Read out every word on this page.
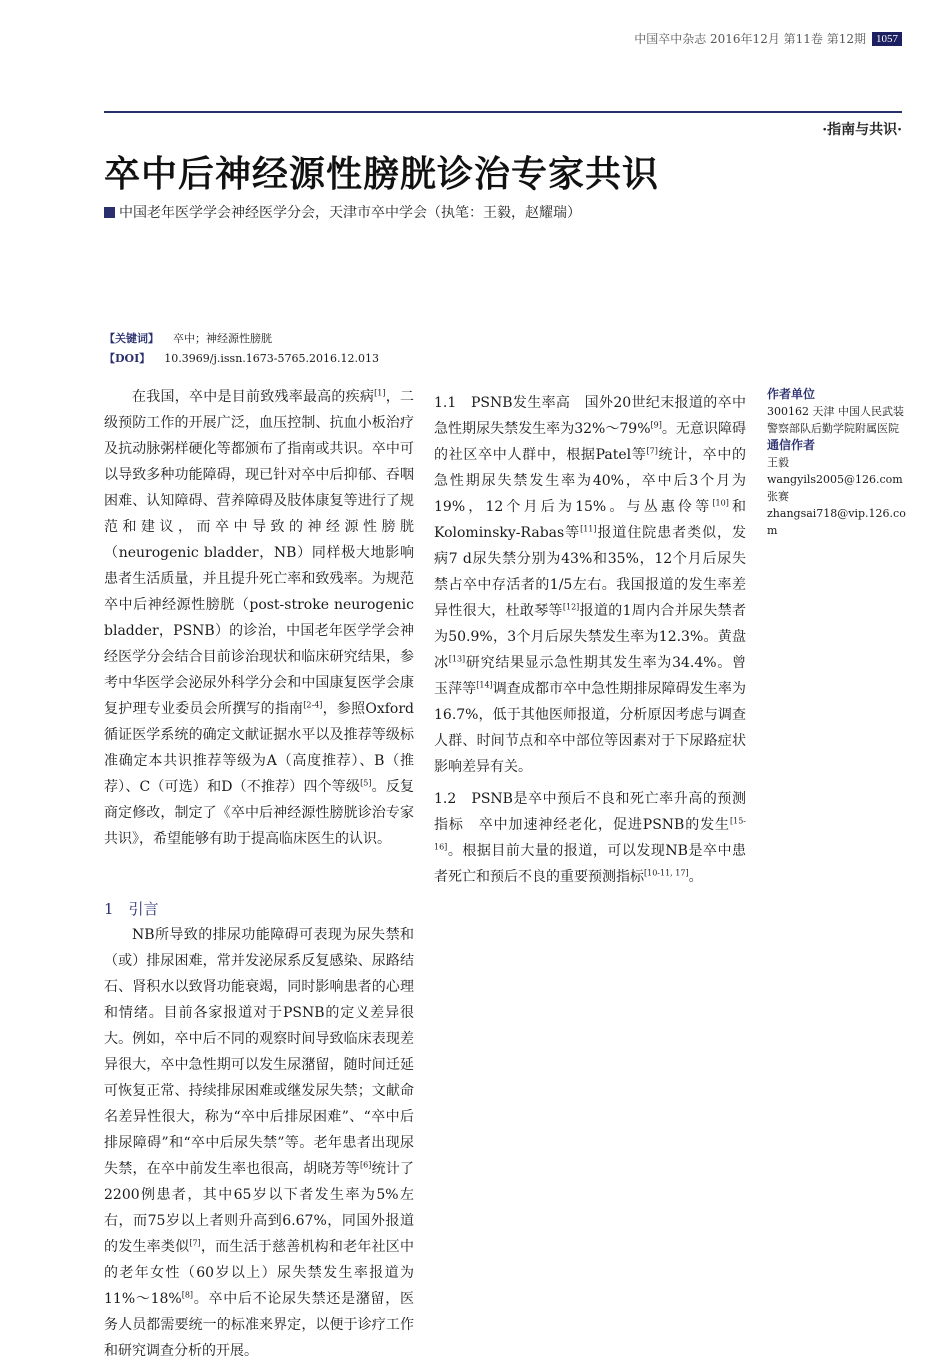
中国卒中杂志 2016年12月 第11卷 第12期 1057
·指南与共识·
卒中后神经源性膀胱诊治专家共识
中国老年医学学会神经医学分会，天津市卒中学会（执笔：王毅，赵耀瑞）
【关键词】 卒中；神经源性膀胱
【DOI】 10.3969/j.issn.1673-5765.2016.12.013

在我国，卒中是目前致残率最高的疾病[1]，二级预防工作的开展广泛，血压控制、抗血小板治疗及抗动脉粥样硬化等都颁布了指南或共识。卒中可以导致多种功能障碍，现已针对卒中后抑郁、吞咽困难、认知障碍、营养障碍及肢体康复等进行了规范和建议，而卒中导致的神经源性膀胱（neurogenic bladder，NB）同样极大地影响患者生活质量，并且提升死亡率和致残率。为规范卒中后神经源性膀胱（post-stroke neurogenic bladder，PSNB）的诊治，中国老年医学学会神经医学分会结合目前诊治现状和临床研究结果，参考中华医学会泌尿外科学分会和中国康复医学会康复护理专业委员会所撰写的指南[2-4]，参照Oxford循证医学系统的确定文献证据水平以及推荐等级标准确定本共识推荐等级为A（高度推荐）、B（推荐）、C（可选）和D（不推荐）四个等级[5]。反复商定修改，制定了《卒中后神经源性膀胱诊治专家共识》，希望能够有助于提高临床医生的认识。

1　引言

NB所导致的排尿功能障碍可表现为尿失禁和（或）排尿困难，常并发泌尿系反复感染、尿路结石、肾积水以致肾功能衰竭，同时影响患者的心理和情绪。目前各家报道对于PSNB的定义差异很大。例如，卒中后不同的观察时间导致临床表现差异很大，卒中急性期可以发生尿潴留，随时间迁延可恢复正常、持续排尿困难或继发尿失禁；文献命名差异性很大，称为“卒中后排尿困难”、“卒中后排尿障碍”和“卒中后尿失禁”等。老年患者出现尿失禁，在卒中前发生率也很高，胡晓芳等[6]统计了2200例患者，其中65岁以下者发生率为5%左右，而75岁以上者则升高到6.67%，同国外报道的发生率类似[7]，而生活于慈善机构和老年社区中的老年女性（60岁以上）尿失禁发生率报道为11%～18%[8]。卒中后不论尿失禁还是潴留，医务人员都需要统一的标准来界定，以便于诊疗工作和研究调查分析的开展。

1.1　PSNB发生率高　国外20世纪末报道的卒中急性期尿失禁发生率为32%～79%[9]。无意识障碍的社区卒中人群中，根据Patel等[7]统计，卒中的急性期尿失禁发生率为40%，卒中后3个月为19%，12个月后为15%。与丛惠伶等[10]和Kolominsky-Rabas等[11]报道住院患者类似，发病7 d尿失禁分别为43%和35%，12个月后尿失禁占卒中存活者的1/5左右。我国报道的发生率差异性很大，杜敢琴等[12]报道的1周内合并尿失禁者为50.9%，3个月后尿失禁发生率为12.3%。黄盘冰[13]研究结果显示急性期其发生率为34.4%。曾玉萍等[14]调查成都市卒中急性期排尿障碍发生率为16.7%，低于其他医师报道，分析原因考虑与调查人群、时间节点和卒中部位等因素对于下尿路症状影响差异有关。

1.2　PSNB是卒中预后不良和死亡率升高的预测指标　卒中加速神经老化，促进PSNB的发生[15-16]。根据目前大量的报道，可以发现NB是卒中患者死亡和预后不良的重要预测指标[10-11, 17]。

作者单位

300162 天津 中国人民武装警察部队后勤学院附属医院

通信作者

王毅

wangyils2005@126.com

张赛

zhangsai718@vip.126.com
